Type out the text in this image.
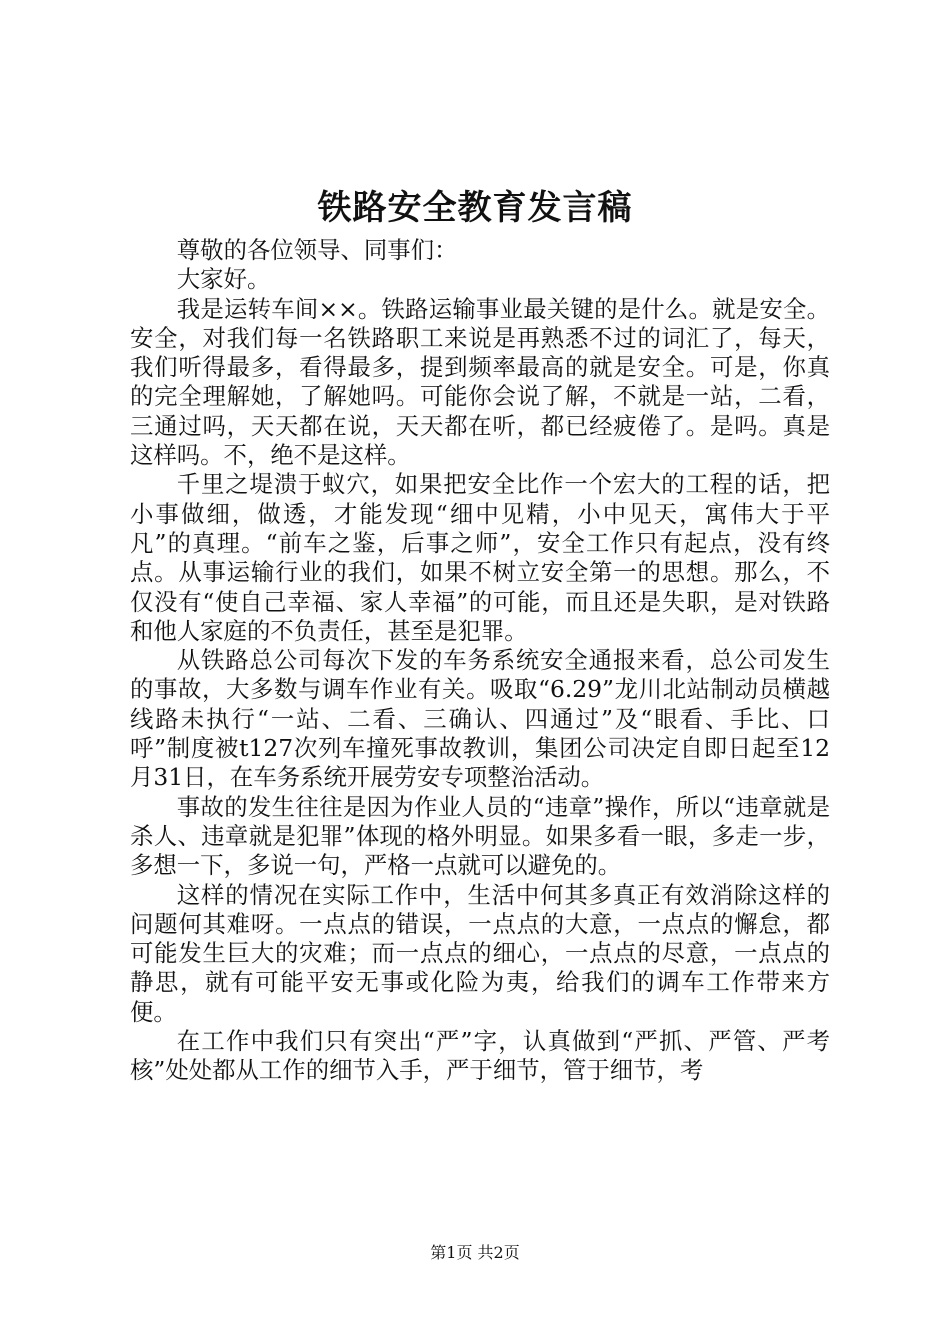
铁路安全教育发言稿

尊敬的各位领导、同事们：

大家好。

我是运转车间××。铁路运输事业最关键的是什么。就是安全。安全，对我们每一名铁路职工来说是再熟悉不过的词汇了，每天，我们听得最多，看得最多，提到频率最高的就是安全。可是，你真的完全理解她，了解她吗。可能你会说了解，不就是一站，二看，三通过吗，天天都在说，天天都在听，都已经疲倦了。是吗。真是这样吗。不，绝不是这样。

千里之堤溃于蚁穴，如果把安全比作一个宏大的工程的话，把小事做细，做透，才能发现“细中见精，小中见天，寓伟大于平凡”的真理。“前车之鉴，后事之师”，安全工作只有起点，没有终点。从事运输行业的我们，如果不树立安全第一的思想。那么，不仅没有“使自己幸福、家人幸福”的可能，而且还是失职，是对铁路和他人家庭的不负责任，甚至是犯罪。

从铁路总公司每次下发的车务系统安全通报来看，总公司发生的事故，大多数与调车作业有关。吸取“6.29”龙川北站制动员横越线路未执行“一站、二看、三确认、四通过”及“眼看、手比、口呼”制度被t127次列车撞死事故教训，集团公司决定自即日起至12月31日，在车务系统开展劳安专项整治活动。

事故的发生往往是因为作业人员的“违章”操作，所以“违章就是杀人、违章就是犯罪”体现的格外明显。如果多看一眼，多走一步，多想一下，多说一句，严格一点就可以避免的。

这样的情况在实际工作中，生活中何其多真正有效消除这样的问题何其难呀。一点点的错误，一点点的大意，一点点的懈怠，都可能发生巨大的灾难；而一点点的细心，一点点的尽意，一点点的静思，就有可能平安无事或化险为夷，给我们的调车工作带来方便。

在工作中我们只有突出“严”字，认真做到“严抓、严管、严考核”处处都从工作的细节入手，严于细节，管于细节，考

第1页 共2页
